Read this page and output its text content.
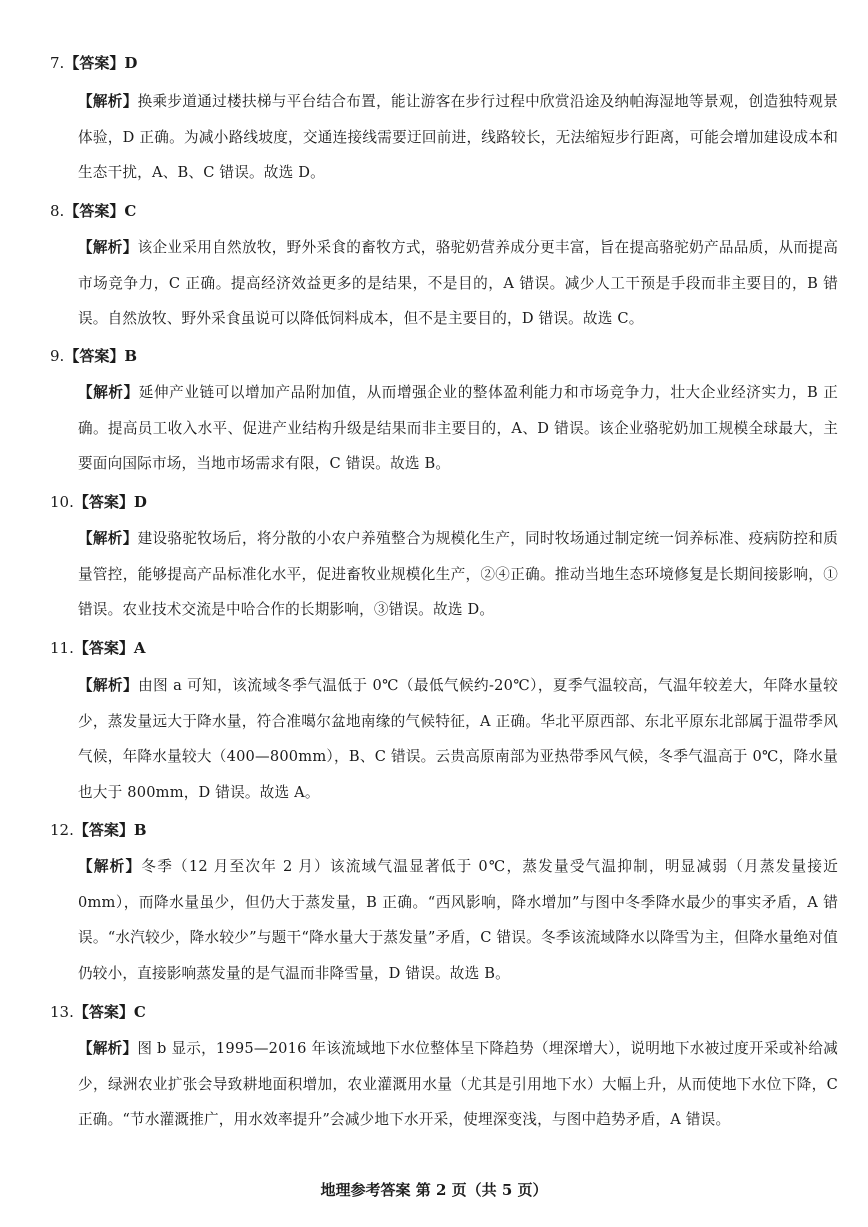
7.【答案】D
【解析】换乘步道通过楼扶梯与平台结合布置，能让游客在步行过程中欣赏沿途及纳帕海湿地等景观，创造独特观景体验，D 正确。为减小路线坡度，交通连接线需要迂回前进，线路较长，无法缩短步行距离，可能会增加建设成本和生态干扰，A、B、C 错误。故选 D。
8.【答案】C
【解析】该企业采用自然放牧，野外采食的畜牧方式，骆驼奶营养成分更丰富，旨在提高骆驼奶产品品质，从而提高市场竞争力，C 正确。提高经济效益更多的是结果，不是目的，A 错误。减少人工干预是手段而非主要目的，B 错误。自然放牧、野外采食虽说可以降低饲料成本，但不是主要目的，D 错误。故选 C。
9.【答案】B
【解析】延伸产业链可以增加产品附加值，从而增强企业的整体盈利能力和市场竞争力，壮大企业经济实力，B 正确。提高员工收入水平、促进产业结构升级是结果而非主要目的，A、D 错误。该企业骆驼奶加工规模全球最大，主要面向国际市场，当地市场需求有限，C 错误。故选 B。
10.【答案】D
【解析】建设骆驼牧场后，将分散的小农户养殖整合为规模化生产，同时牧场通过制定统一饲养标准、疫病防控和质量管控，能够提高产品标准化水平，促进畜牧业规模化生产，②④正确。推动当地生态环境修复是长期间接影响，①错误。农业技术交流是中哈合作的长期影响，③错误。故选 D。
11.【答案】A
【解析】由图 a 可知，该流域冬季气温低于 0℃（最低气候约-20℃），夏季气温较高，气温年较差大，年降水量较少，蒸发量远大于降水量，符合准噶尔盆地南缘的气候特征，A 正确。华北平原西部、东北平原东北部属于温带季风气候，年降水量较大（400—800mm），B、C 错误。云贵高原南部为亚热带季风气候，冬季气温高于 0℃，降水量也大于 800mm，D 错误。故选 A。
12.【答案】B
【解析】冬季（12 月至次年 2 月）该流域气温显著低于 0℃，蒸发量受气温抑制，明显减弱（月蒸发量接近 0mm），而降水量虽少，但仍大于蒸发量，B 正确。“西风影响，降水增加”与图中冬季降水最少的事实矛盾，A 错误。“水汽较少，降水较少”与题干“降水量大于蒸发量”矛盾，C 错误。冬季该流域降水以降雪为主，但降水量绝对值仍较小，直接影响蒸发量的是气温而非降雪量，D 错误。故选 B。
13.【答案】C
【解析】图 b 显示，1995—2016 年该流域地下水位整体呈下降趋势（埋深增大），说明地下水被过度开采或补给减少，绿洲农业扩张会导致耕地面积增加，农业灌溉用水量（尤其是引用地下水）大幅上升，从而使地下水位下降，C 正确。“节水灌溉推广，用水效率提升”会减少地下水开采，使埋深变浅，与图中趋势矛盾，A 错误。
地理参考答案 第 2 页（共 5 页）
